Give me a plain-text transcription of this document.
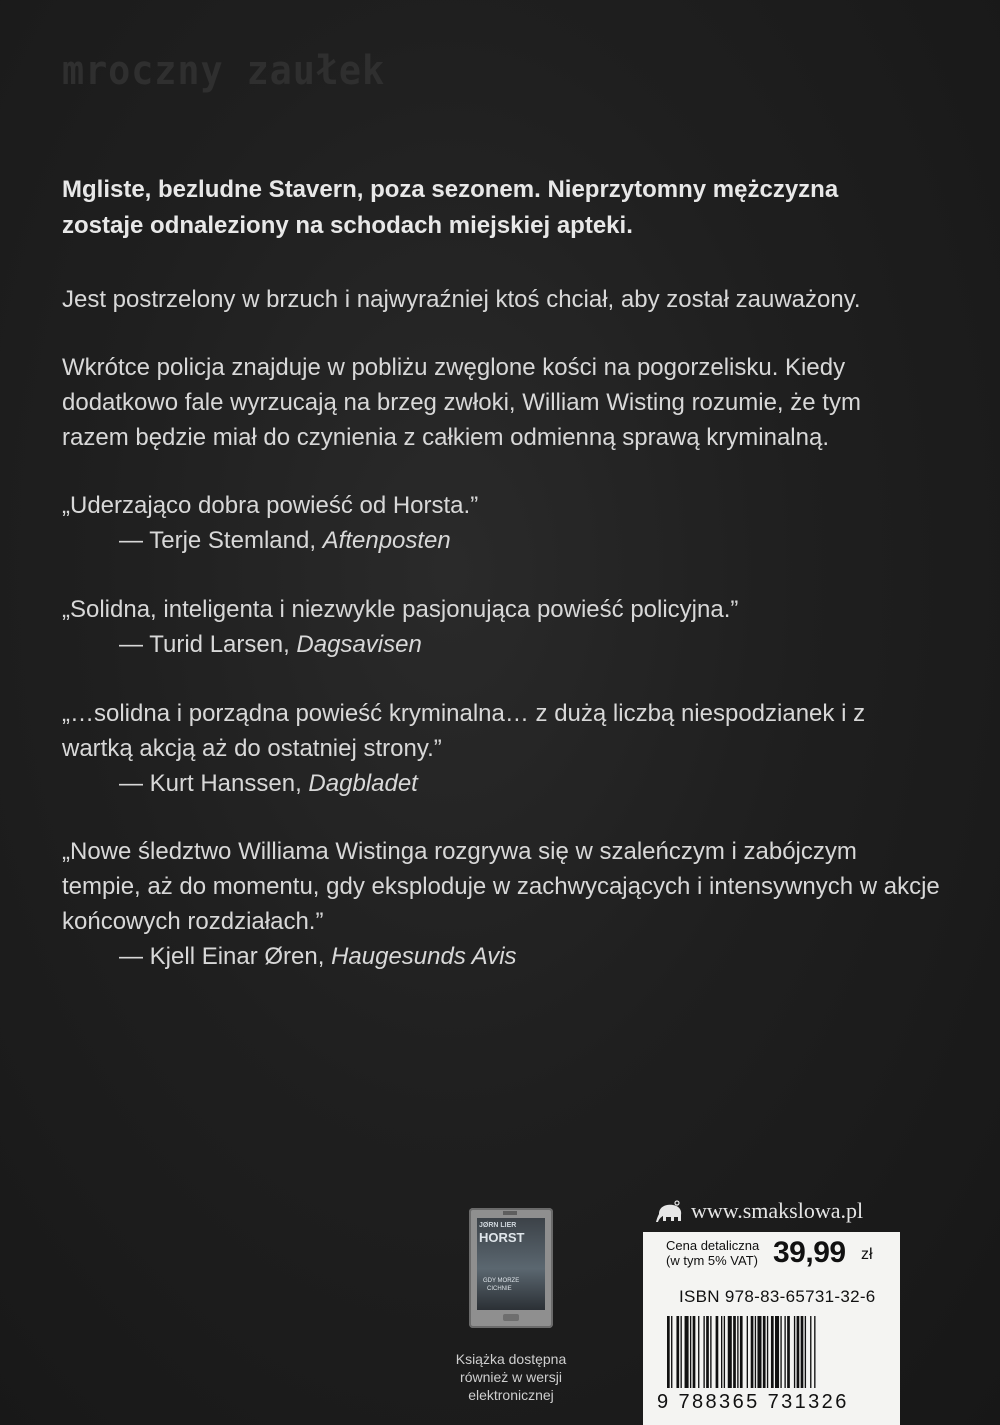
mroczny zaułek
Mgliste, bezludne Stavern, poza sezonem. Nieprzytomny mężczyzna zostaje odnaleziony na schodach miejskiej apteki.

Jest postrzelony w brzuch i najwyraźniej ktoś chciał, aby został zauważony.

Wkrótce policja znajduje w pobliżu zwęglone kości na pogorzelisku. Kiedy dodatkowo fale wyrzucają na brzeg zwłoki, William Wisting rozumie, że tym razem będzie miał do czynienia z całkiem odmienną sprawą kryminalną.

„Uderzająco dobra powieść od Horsta.”
— Terje Stemland, Aftenposten
„Solidna, inteligenta i niezwykle pasjonująca powieść policyjna.”
— Turid Larsen, Dagsavisen
„…solidna i porządna powieść kryminalna… z dużą liczbą niespodzianek i z wartką akcją aż do ostatniej strony.”
— Kurt Hanssen, Dagbladet
„Nowe śledztwo Williama Wistinga rozgrywa się w szaleńczym i zabójczym tempie, aż do momentu, gdy eksploduje w zachwycających i intensywnych w akcje końcowych rozdziałach.”
— Kjell Einar Øren, Haugesunds Avis
JØRN LIER
HORST
GDY MORZE
CICHNIE
Książka dostępna
również w wersji
elektronicznej
www.smakslowa.pl
Cena detaliczna
(w tym 5% VAT) 39,99 zł
ISBN 978-83-65731-32-6
9 788365 731326
